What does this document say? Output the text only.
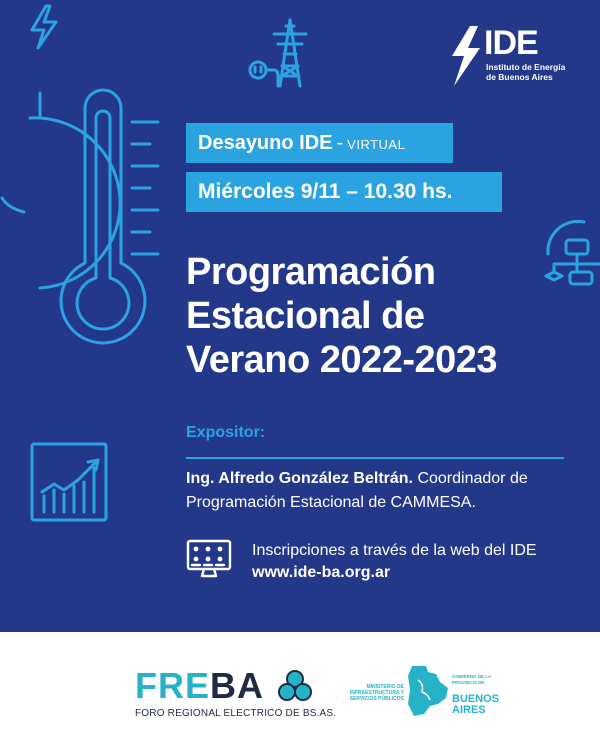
IDE
Instituto de Energía
de Buenos Aires
Desayuno IDE - VIRTUAL
Miércoles 9/11 – 10.30 hs.
Programación
Estacional de
Verano 2022-2023
Expositor:
Ing. Alfredo González Beltrán. Coordinador de Programación Estacional de CAMMESA.
Inscripciones a través de la web del IDE
www.ide-ba.org.ar
FREBA
FORO REGIONAL ELECTRICO DE BS.AS.
MINISTERIO DE
INFRAESTRUCTURA Y
SERVICIOS PÚBLICOS
GOBIERNO DE LA
PROVINCIA DE
BUENOS
AIRES
